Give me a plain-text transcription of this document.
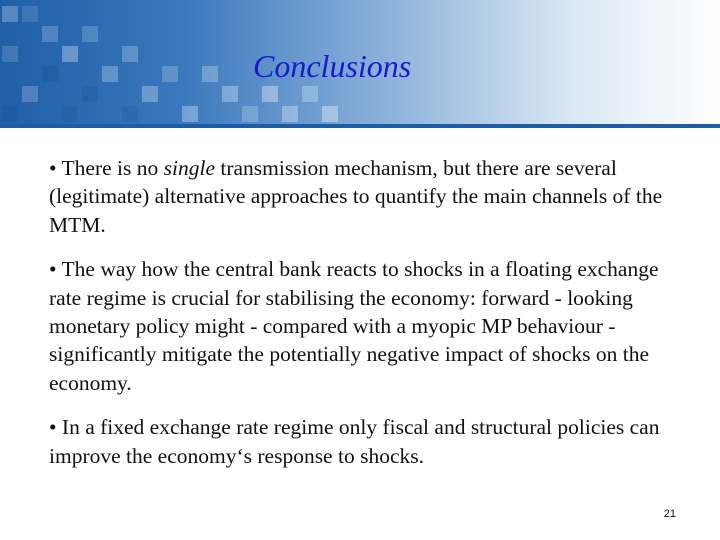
Conclusions

• There is no single transmission mechanism, but there are several (legitimate) alternative approaches to quantify the main channels of the MTM.

• The way how the central bank reacts to shocks in a floating exchange rate regime is crucial for stabilising the economy: forward - looking monetary policy might - compared with a myopic MP behaviour - significantly mitigate the potentially negative impact of shocks on the economy.

• In a fixed exchange rate regime only fiscal and structural policies can improve the economy‘s response to shocks.

21
